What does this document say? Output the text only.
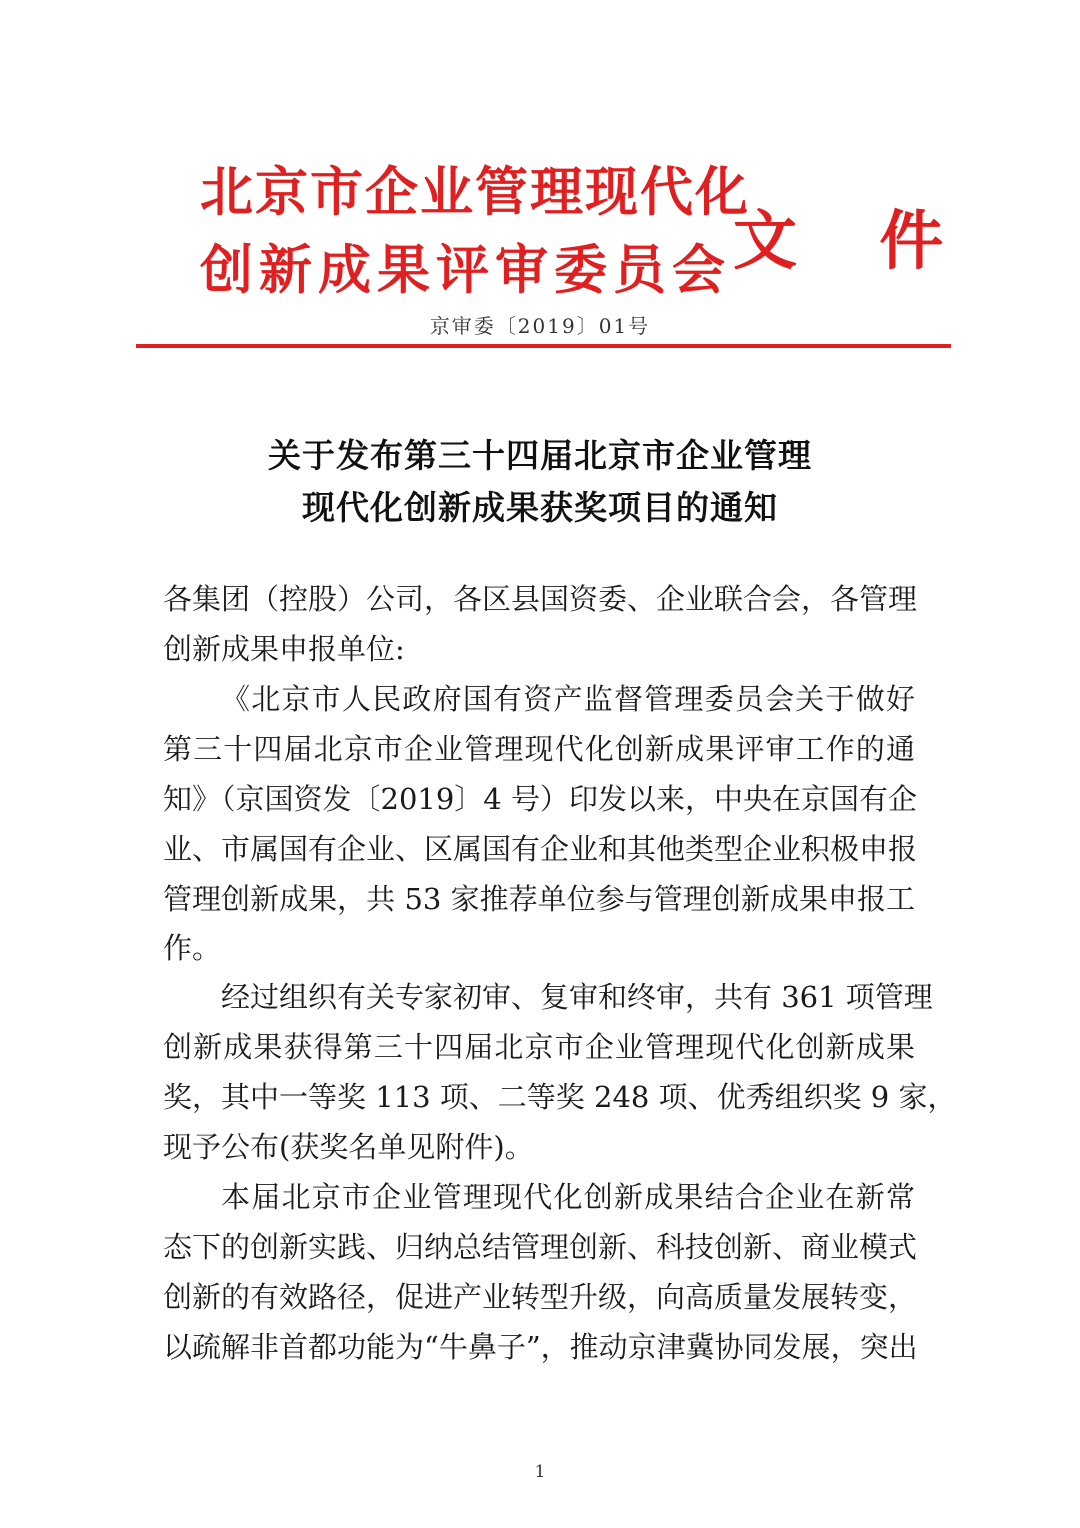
北京市企业管理现代化
创新成果评审委员会 文 件
京审委〔2019〕01号
关于发布第三十四届北京市企业管理
现代化创新成果获奖项目的通知
各集团（控股）公司，各区县国资委、企业联合会，各管理
创新成果申报单位:
《北京市人民政府国有资产监督管理委员会关于做好
第三十四届北京市企业管理现代化创新成果评审工作的通
知》（京国资发〔2019〕4 号）印发以来，中央在京国有企
业、市属国有企业、区属国有企业和其他类型企业积极申报
管理创新成果，共 53 家推荐单位参与管理创新成果申报工
作。
经过组织有关专家初审、复审和终审，共有 361 项管理
创新成果获得第三十四届北京市企业管理现代化创新成果
奖，其中一等奖 113 项、二等奖 248 项、优秀组织奖 9 家，
现予公布(获奖名单见附件)。
本届北京市企业管理现代化创新成果结合企业在新常
态下的创新实践、归纳总结管理创新、科技创新、商业模式
创新的有效路径，促进产业转型升级，向高质量发展转变，
以疏解非首都功能为“牛鼻子”，推动京津冀协同发展，突出
1
